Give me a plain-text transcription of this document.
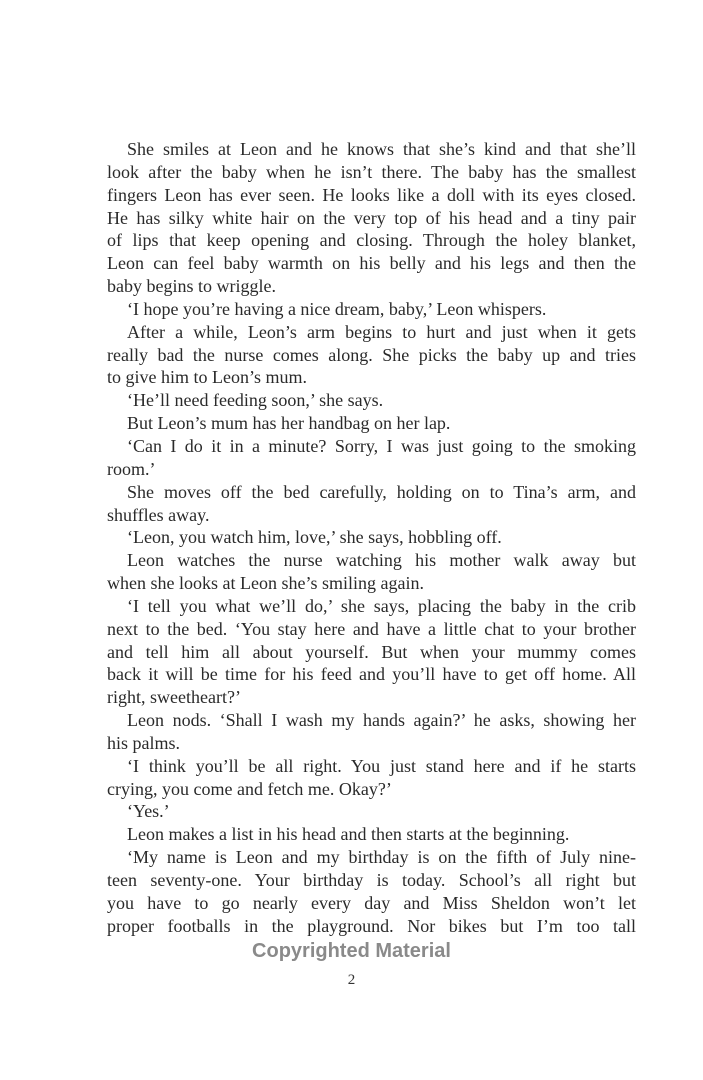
She smiles at Leon and he knows that she’s kind and that she’ll
look after the baby when he isn’t there. The baby has the smallest
fingers Leon has ever seen. He looks like a doll with its eyes closed.
He has silky white hair on the very top of his head and a tiny pair
of lips that keep opening and closing. Through the holey blanket,
Leon can feel baby warmth on his belly and his legs and then the
baby begins to wriggle.
‘I hope you’re having a nice dream, baby,’ Leon whispers.
After a while, Leon’s arm begins to hurt and just when it gets
really bad the nurse comes along. She picks the baby up and tries
to give him to Leon’s mum.
‘He’ll need feeding soon,’ she says.
But Leon’s mum has her handbag on her lap.
‘Can I do it in a minute? Sorry, I was just going to the smoking
room.’
She moves off the bed carefully, holding on to Tina’s arm, and
shuffles away.
‘Leon, you watch him, love,’ she says, hobbling off.
Leon watches the nurse watching his mother walk away but
when she looks at Leon she’s smiling again.
‘I tell you what we’ll do,’ she says, placing the baby in the crib
next to the bed. ‘You stay here and have a little chat to your brother
and tell him all about yourself. But when your mummy comes
back it will be time for his feed and you’ll have to get off home. All
right, sweetheart?’
Leon nods. ‘Shall I wash my hands again?’ he asks, showing her
his palms.
‘I think you’ll be all right. You just stand here and if he starts
crying, you come and fetch me. Okay?’
‘Yes.’
Leon makes a list in his head and then starts at the beginning.
‘My name is Leon and my birthday is on the fifth of July nine-
teen seventy-one. Your birthday is today. School’s all right but
you have to go nearly every day and Miss Sheldon won’t let
proper footballs in the playground. Nor bikes but I’m too tall
Copyrighted Material
2
